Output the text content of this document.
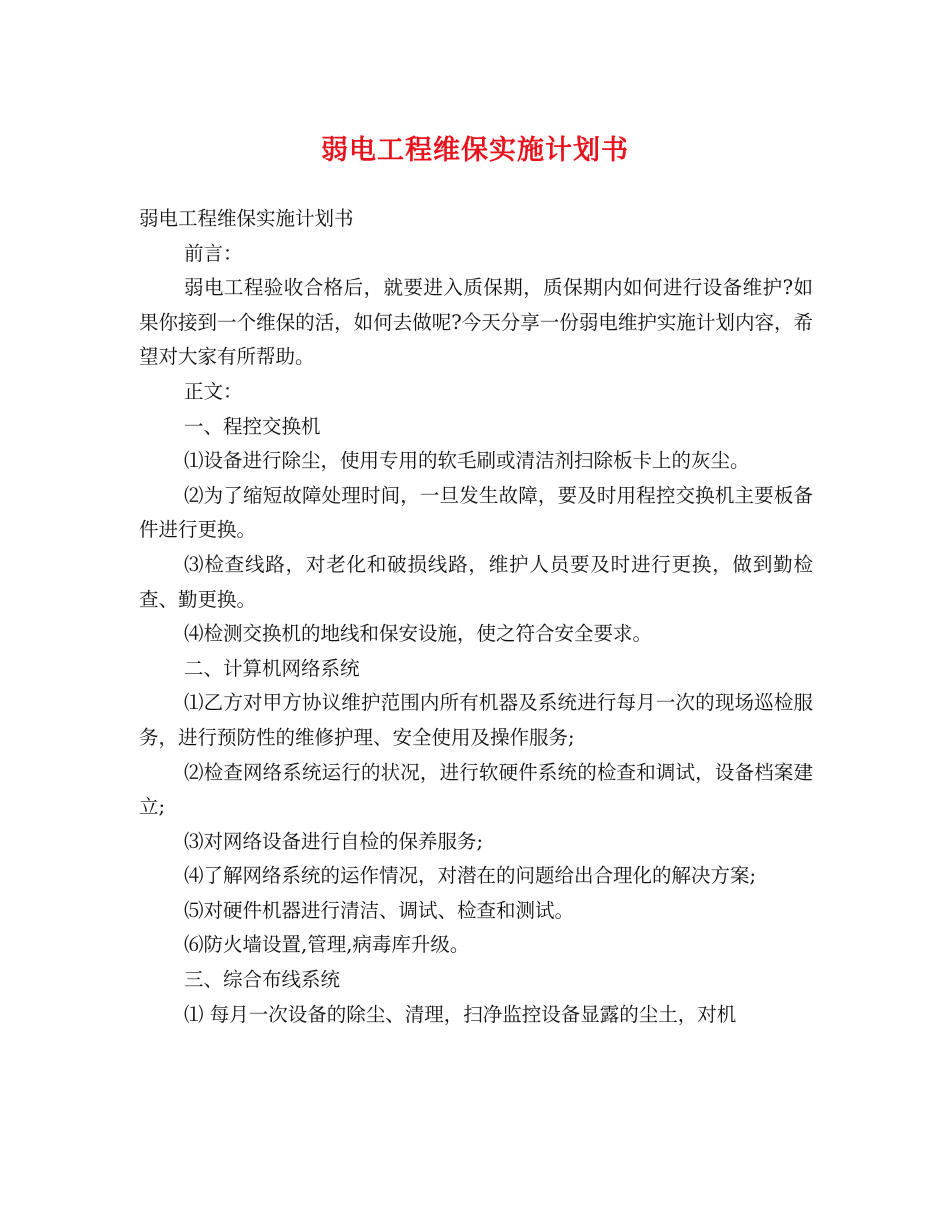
弱电工程维保实施计划书

弱电工程维保实施计划书

前言：

弱电工程验收合格后，就要进入质保期，质保期内如何进行设备维护?如果你接到一个维保的活，如何去做呢?今天分享一份弱电维护实施计划内容，希望对大家有所帮助。

正文：

一、程控交换机

⑴设备进行除尘，使用专用的软毛刷或清洁剂扫除板卡上的灰尘。

⑵为了缩短故障处理时间，一旦发生故障，要及时用程控交换机主要板备件进行更换。

⑶检查线路，对老化和破损线路，维护人员要及时进行更换，做到勤检查、勤更换。

⑷检测交换机的地线和保安设施，使之符合安全要求。

二、计算机网络系统

⑴乙方对甲方协议维护范围内所有机器及系统进行每月一次的现场巡检服务，进行预防性的维修护理、安全使用及操作服务;

⑵检查网络系统运行的状况，进行软硬件系统的检查和调试，设备档案建立;

⑶对网络设备进行自检的保养服务;

⑷了解网络系统的运作情况，对潜在的问题给出合理化的解决方案;

⑸对硬件机器进行清洁、调试、检查和测试。

⑹防火墙设置,管理,病毒库升级。

三、综合布线系统

⑴ 每月一次设备的除尘、清理，扫净监控设备显露的尘土，对机
